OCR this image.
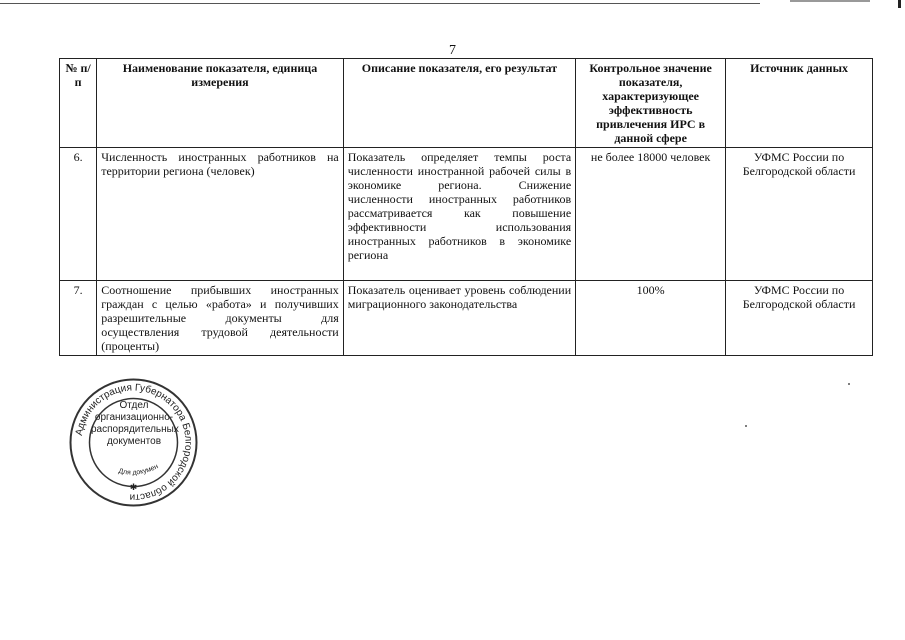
7
№ п/п	Наименование показателя, единица измерения	Описание показателя, его результат	Контрольное значение показателя, характеризующее эффективность привлечения ИРС в данной сфере	Источник данных
6.	Численность иностранных работников на территории региона (человек)	Показатель определяет темпы роста численности иностранной рабочей силы в экономике региона. Снижение численности иностранных работников рассматривается как повышение эффективности использования иностранных работников в экономике региона	не более 18000 человек	УФМС России по Белгородской области
7.	Соотношение прибывших иностранных граждан с целью «работа» и получивших разрешительные документы для осуществления трудовой деятельности (проценты)	Показатель оценивает уровень соблюдении миграционного законодательства	100%	УФМС России по Белгородской области
Администрация Губернатора Белгородской области
Для докумен
✱
Отдел
организационно-
распорядительных
документов
